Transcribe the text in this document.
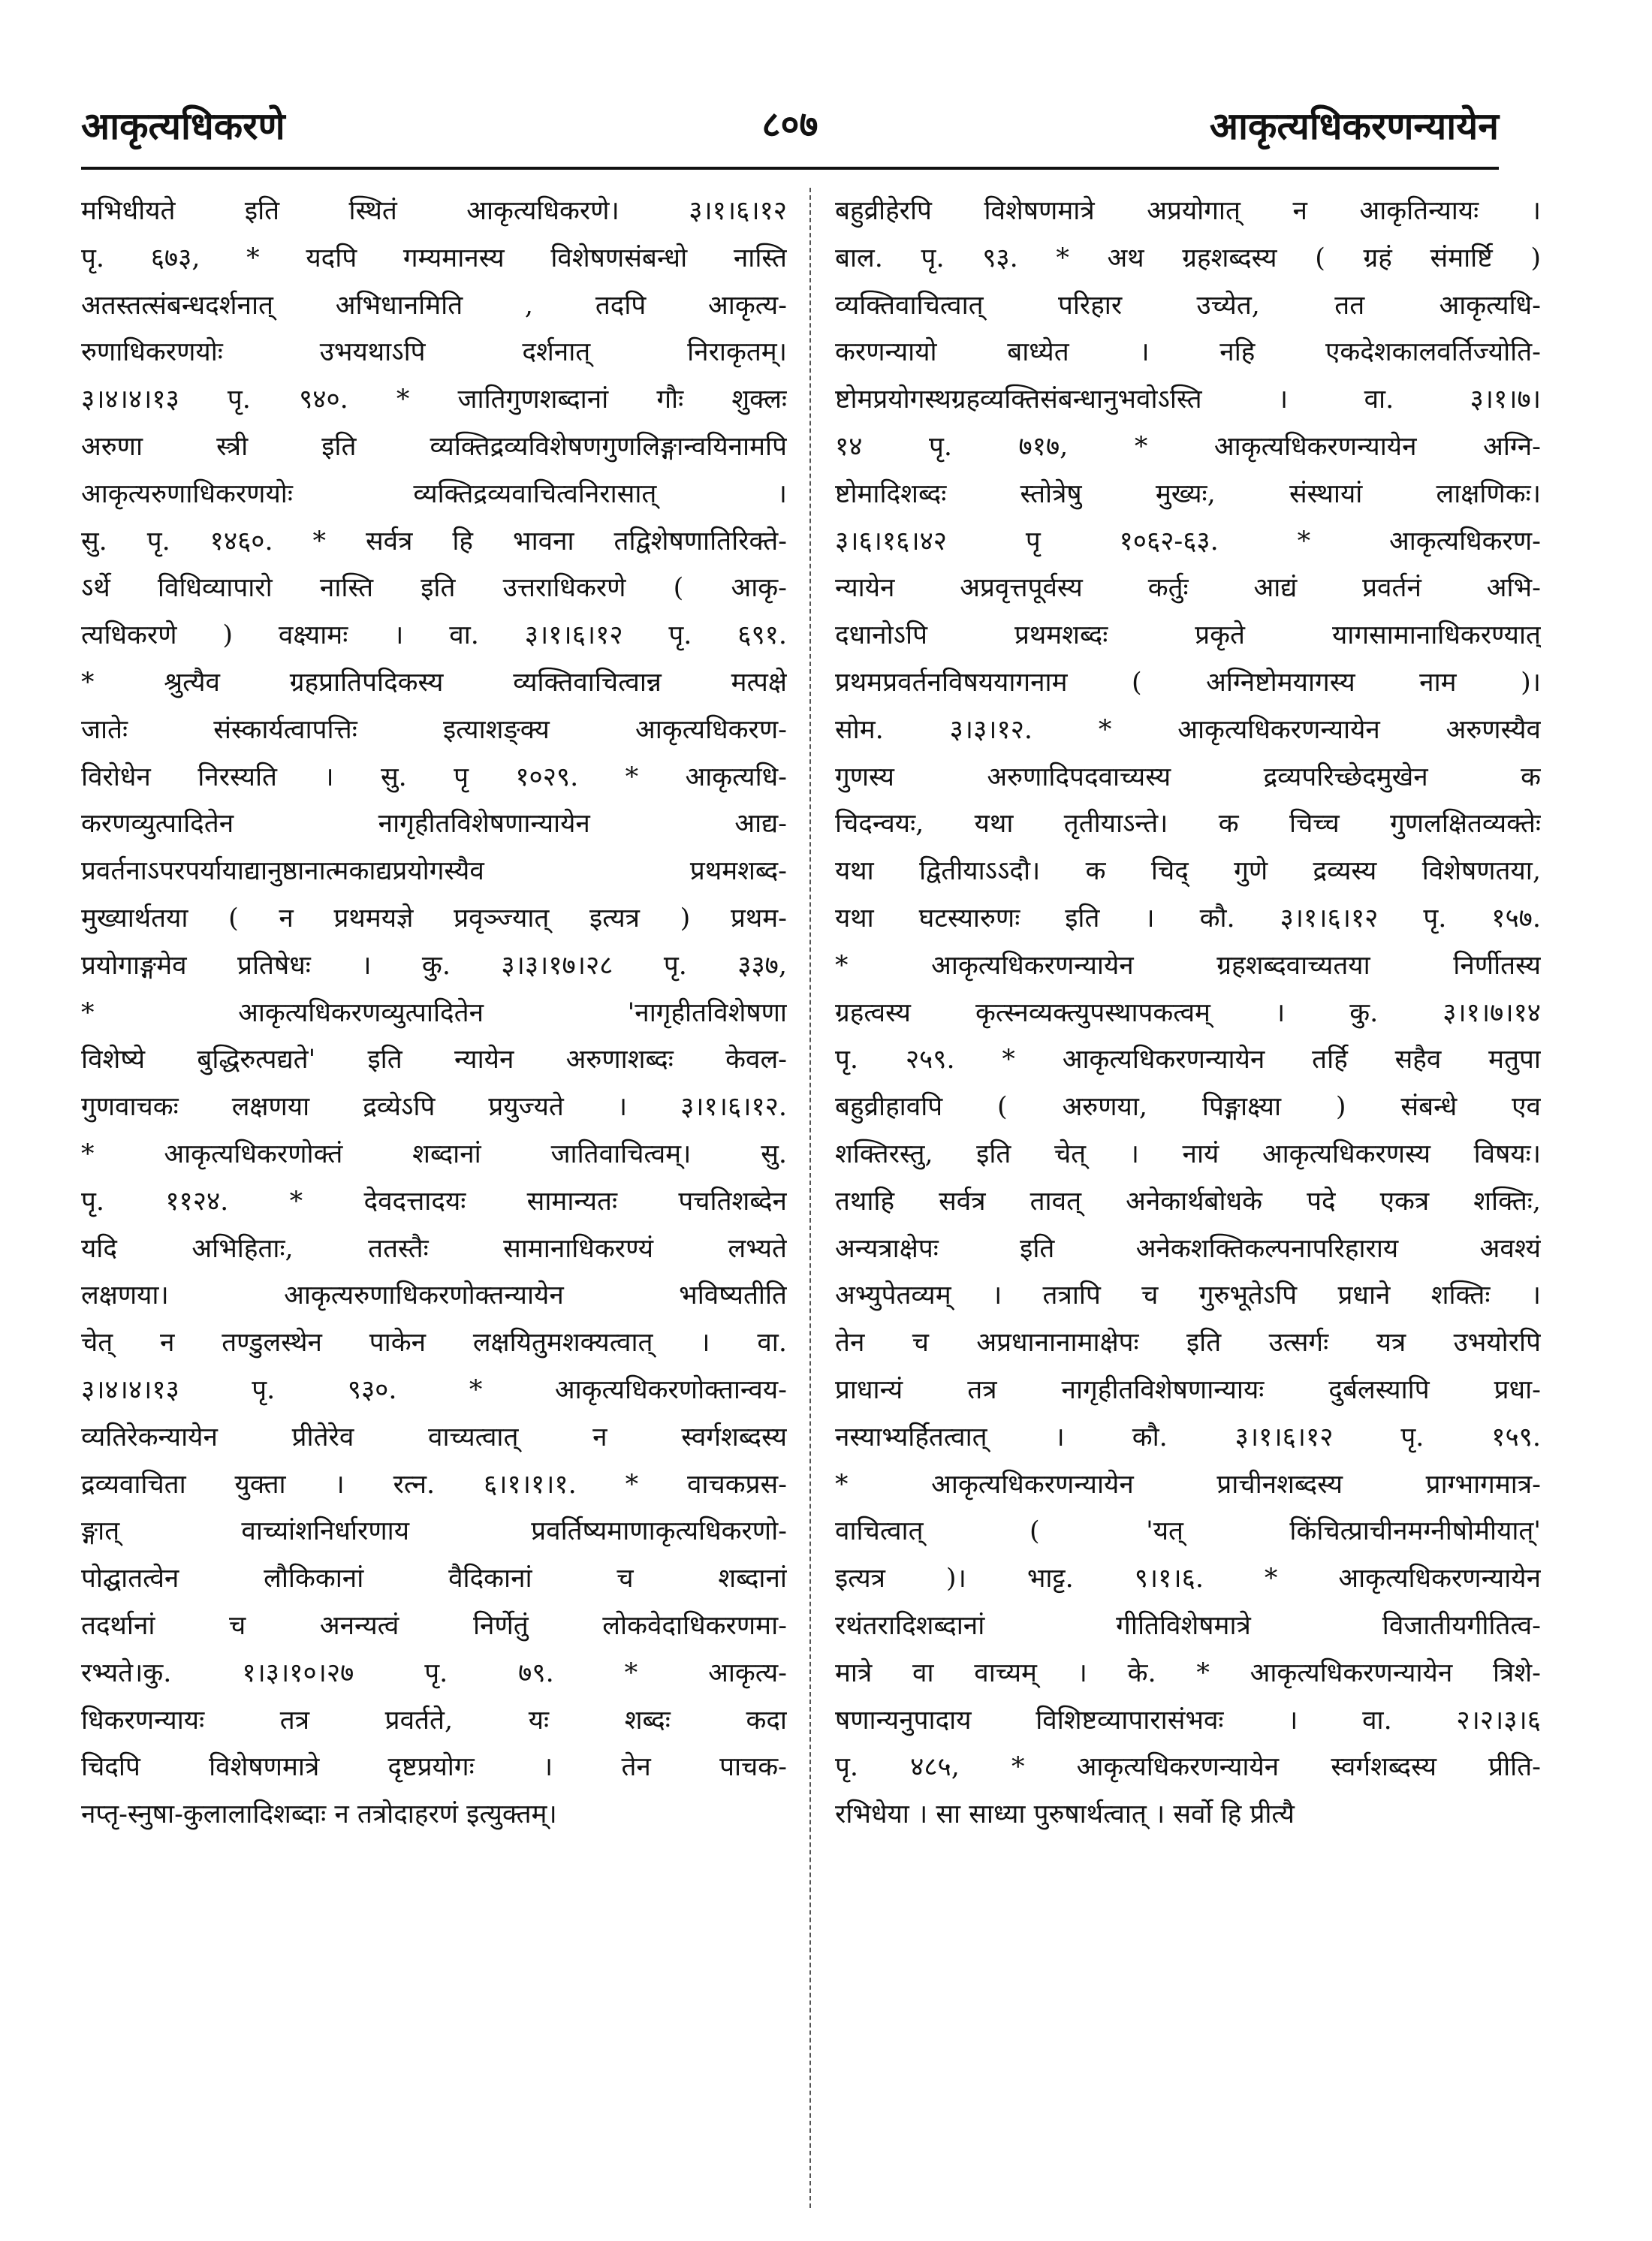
आकृत्यधिकरणे	८०७	आकृत्यधिकरणन्यायेन
मभिधीयते इति स्थितं आकृत्यधिकरणे। ३।१।६।१२
पृ. ६७३, * यदपि गम्यमानस्य विशेषणसंबन्धो नास्ति
अतस्तत्संबन्धदर्शनात् अभिधानमिति , तदपि आकृत्य-
रुणाधिकरणयोः उभयथाऽपि दर्शनात् निराकृतम्।
३।४।४।१३ पृ. ९४०. * जातिगुणशब्दानां गौः शुक्लः
अरुणा स्त्री इति व्यक्तिद्रव्यविशेषणगुणलिङ्गान्वयिनामपि
आकृत्यरुणाधिकरणयोः व्यक्तिद्रव्यवाचित्वनिरासात् ।
सु. पृ. १४६०. * सर्वत्र हि भावना तद्विशेषणातिरिक्ते-
ऽर्थे विधिव्यापारो नास्ति इति उत्तराधिकरणे ( आकृ-
त्यधिकरणे ) वक्ष्यामः । वा. ३।१।६।१२ पृ. ६९१.
* श्रुत्यैव ग्रहप्रातिपदिकस्य व्यक्तिवाचित्वान्न मत्पक्षे
जातेः संस्कार्यत्वापत्तिः इत्याशङ्क्य आकृत्यधिकरण-
विरोधेन निरस्यति । सु. पृ १०२९. * आकृत्यधि-
करणव्युत्पादितेन नागृहीतविशेषणान्यायेन आद्य-
प्रवर्तनाऽपरपर्यायाद्यानुष्ठानात्मकाद्यप्रयोगस्यैव प्रथमशब्द-
मुख्यार्थतया ( न प्रथमयज्ञे प्रवृञ्ज्यात् इत्यत्र ) प्रथम-
प्रयोगाङ्गमेव प्रतिषेधः । कु. ३।३।१७।२८ पृ. ३३७,
* आकृत्यधिकरणव्युत्पादितेन 'नागृहीतविशेषणा
विशेष्ये बुद्धिरुत्पद्यते' इति न्यायेन अरुणाशब्दः केवल-
गुणवाचकः लक्षणया द्रव्येऽपि प्रयुज्यते । ३।१।६।१२.
* आकृत्यधिकरणोक्तं शब्दानां जातिवाचित्वम्। सु.
पृ. ११२४. * देवदत्तादयः सामान्यतः पचतिशब्देन
यदि अभिहिताः, ततस्तैः सामानाधिकरण्यं लभ्यते
लक्षणया। आकृत्यरुणाधिकरणोक्तन्यायेन भविष्यतीति
चेत् न तण्डुलस्थेन पाकेन लक्षयितुमशक्यत्वात् । वा.
३।४।४।१३ पृ. ९३०. * आकृत्यधिकरणोक्तान्वय-
व्यतिरेकन्यायेन प्रीतेरेव वाच्यत्वात् न स्वर्गशब्दस्य
द्रव्यवाचिता युक्ता । रत्न. ६।१।१।१. * वाचकप्रस-
ङ्गात् वाच्यांशनिर्धारणाय प्रवर्तिष्यमाणाकृत्यधिकरणो-
पोद्घातत्वेन लौकिकानां वैदिकानां च शब्दानां
तदर्थानां च अनन्यत्वं निर्णेतुं लोकवेदाधिकरणमा-
रभ्यते।कु. १।३।१०।२७ पृ. ७९. * आकृत्य-
धिकरणन्यायः तत्र प्रवर्तते, यः शब्दः कदा
चिदपि विशेषणमात्रे दृष्टप्रयोगः । तेन पाचक-
नप्तृ-स्नुषा-कुलालादिशब्दाः न तत्रोदाहरणं इत्युक्तम्।
बहुव्रीहेरपि विशेषणमात्रे अप्रयोगात् न आकृतिन्यायः ।
बाल. पृ. ९३. * अथ ग्रहशब्दस्य ( ग्रहं संमार्ष्टि )
व्यक्तिवाचित्वात् परिहार उच्येत, तत आकृत्यधि-
करणन्यायो बाध्येत । नहि एकदेशकालवर्तिज्योति-
ष्टोमप्रयोगस्थग्रहव्यक्तिसंबन्धानुभवोऽस्ति । वा. ३।१।७।
१४ पृ. ७१७, * आकृत्यधिकरणन्यायेन अग्नि-
ष्टोमादिशब्दः स्तोत्रेषु मुख्यः, संस्थायां लाक्षणिकः।
३।६।१६।४२ पृ १०६२-६३. * आकृत्यधिकरण-
न्यायेन अप्रवृत्तपूर्वस्य कर्तुः आद्यं प्रवर्तनं अभि-
दधानोऽपि प्रथमशब्दः प्रकृते यागसामानाधिकरण्यात्
प्रथमप्रवर्तनविषययागनाम ( अग्निष्टोमयागस्य नाम )।
सोम. ३।३।१२. * आकृत्यधिकरणन्यायेन अरुणस्यैव
गुणस्य अरुणादिपदवाच्यस्य द्रव्यपरिच्छेदमुखेन क
चिदन्वयः, यथा तृतीयाऽन्ते। क चिच्च गुणलक्षितव्यक्तेः
यथा द्वितीयाऽऽदौ। क चिद् गुणे द्रव्यस्य विशेषणतया,
यथा घटस्यारुणः इति । कौ. ३।१।६।१२ पृ. १५७.
* आकृत्यधिकरणन्यायेन ग्रहशब्दवाच्यतया निर्णीतस्य
ग्रहत्वस्य कृत्स्नव्यक्त्युपस्थापकत्वम् । कु. ३।१।७।१४
पृ. २५९. * आकृत्यधिकरणन्यायेन तर्हि सहैव मतुपा
बहुव्रीहावपि ( अरुणया, पिङ्गाक्ष्या ) संबन्धे एव
शक्तिरस्तु, इति चेत् । नायं आकृत्यधिकरणस्य विषयः।
तथाहि सर्वत्र तावत् अनेकार्थबोधके पदे एकत्र शक्तिः,
अन्यत्राक्षेपः इति अनेकशक्तिकल्पनापरिहाराय अवश्यं
अभ्युपेतव्यम् । तत्रापि च गुरुभूतेऽपि प्रधाने शक्तिः ।
तेन च अप्रधानानामाक्षेपः इति उत्सर्गः यत्र उभयोरपि
प्राधान्यं तत्र नागृहीतविशेषणान्यायः दुर्बलस्यापि प्रधा-
नस्याभ्यर्हितत्वात् । कौ. ३।१।६।१२ पृ. १५९.
* आकृत्यधिकरणन्यायेन प्राचीनशब्दस्य प्राग्भागमात्र-
वाचित्वात् ( 'यत् किंचित्प्राचीनमग्नीषोमीयात्'
इत्यत्र )। भाट्ट. ९।१।६. * आकृत्यधिकरणन्यायेन
रथंतरादिशब्दानां गीतिविशेषमात्रे विजातीयगीतित्व-
मात्रे वा वाच्यम् । के. * आकृत्यधिकरणन्यायेन त्रिशे-
षणान्यनुपादाय विशिष्टव्यापारासंभवः । वा. २।२।३।६
पृ. ४८५, * आकृत्यधिकरणन्यायेन स्वर्गशब्दस्य प्रीति-
रभिधेया । सा साध्या पुरुषार्थत्वात् । सर्वो हि प्रीत्यै
